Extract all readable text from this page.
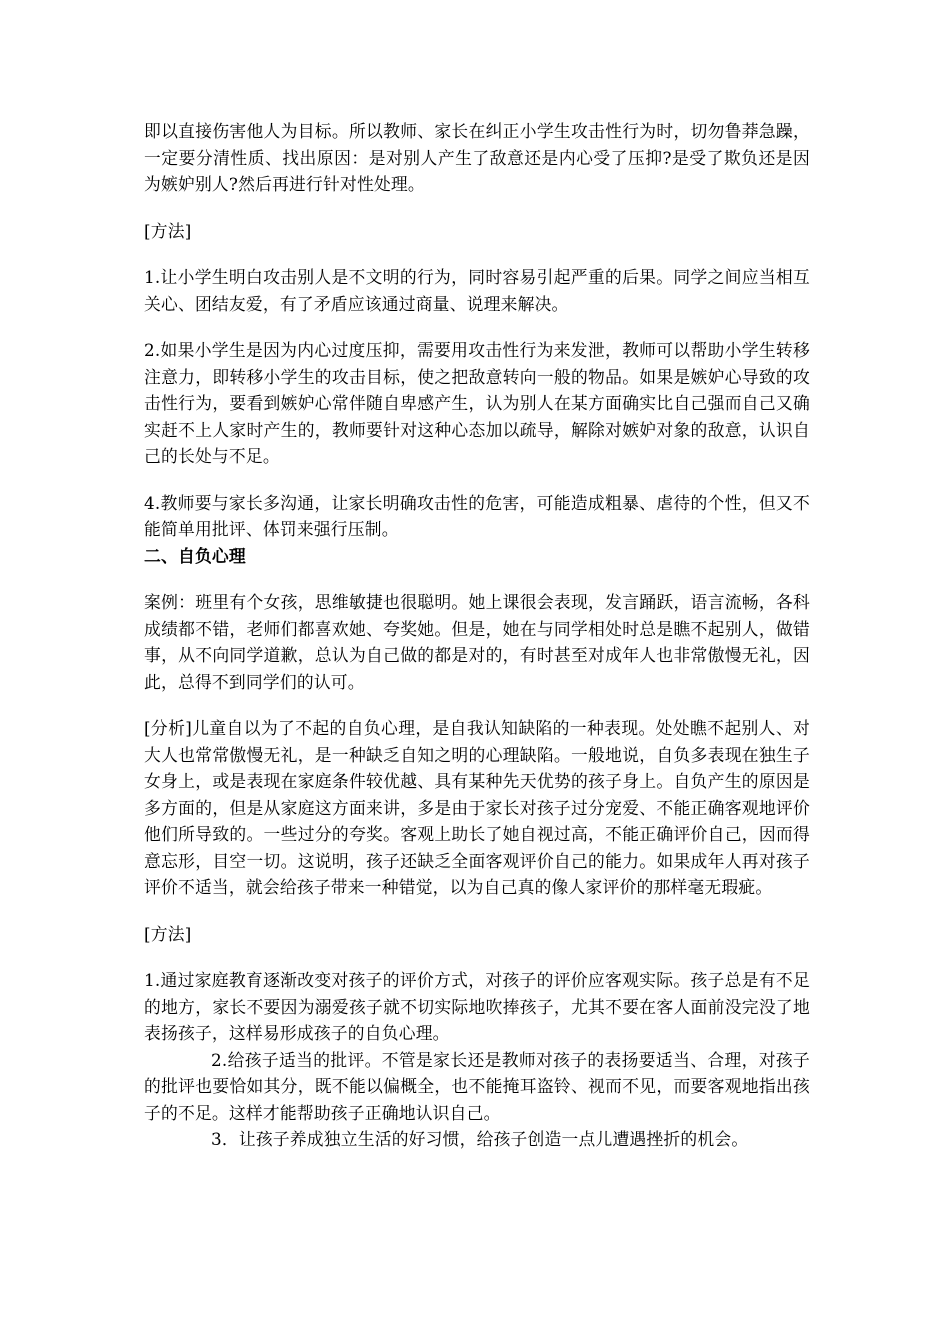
即以直接伤害他人为目标。所以教师、家长在纠正小学生攻击性行为时，切勿鲁莽急躁，一定要分清性质、找出原因：是对别人产生了敌意还是内心受了压抑?是受了欺负还是因为嫉妒别人?然后再进行针对性处理。

[方法]

1.让小学生明白攻击别人是不文明的行为，同时容易引起严重的后果。同学之间应当相互关心、团结友爱，有了矛盾应该通过商量、说理来解决。

2.如果小学生是因为内心过度压抑，需要用攻击性行为来发泄，教师可以帮助小学生转移注意力，即转移小学生的攻击目标，使之把敌意转向一般的物品。如果是嫉妒心导致的攻击性行为，要看到嫉妒心常伴随自卑感产生，认为别人在某方面确实比自己强而自己又确实赶不上人家时产生的，教师要针对这种心态加以疏导，解除对嫉妒对象的敌意，认识自己的长处与不足。

4.教师要与家长多沟通，让家长明确攻击性的危害，可能造成粗暴、虐待的个性，但又不能简单用批评、体罚来强行压制。

二、自负心理

案例：班里有个女孩，思维敏捷也很聪明。她上课很会表现，发言踊跃，语言流畅，各科成绩都不错，老师们都喜欢她、夸奖她。但是，她在与同学相处时总是瞧不起别人，做错事，从不向同学道歉，总认为自己做的都是对的，有时甚至对成年人也非常傲慢无礼，因此，总得不到同学们的认可。

[分析]儿童自以为了不起的自负心理，是自我认知缺陷的一种表现。处处瞧不起别人、对大人也常常傲慢无礼，是一种缺乏自知之明的心理缺陷。一般地说，自负多表现在独生子女身上，或是表现在家庭条件较优越、具有某种先天优势的孩子身上。自负产生的原因是多方面的，但是从家庭这方面来讲，多是由于家长对孩子过分宠爱、不能正确客观地评价他们所导致的。一些过分的夸奖。客观上助长了她自视过高，不能正确评价自己，因而得意忘形，目空一切。这说明，孩子还缺乏全面客观评价自己的能力。如果成年人再对孩子评价不适当，就会给孩子带来一种错觉，以为自己真的像人家评价的那样毫无瑕疵。

[方法]

1.通过家庭教育逐渐改变对孩子的评价方式，对孩子的评价应客观实际。孩子总是有不足的地方，家长不要因为溺爱孩子就不切实际地吹捧孩子，尤其不要在客人面前没完没了地表扬孩子，这样易形成孩子的自负心理。

2.给孩子适当的批评。不管是家长还是教师对孩子的表扬要适当、合理，对孩子的批评也要恰如其分，既不能以偏概全，也不能掩耳盗铃、视而不见，而要客观地指出孩子的不足。这样才能帮助孩子正确地认识自己。

3．让孩子养成独立生活的好习惯，给孩子创造一点儿遭遇挫折的机会。
